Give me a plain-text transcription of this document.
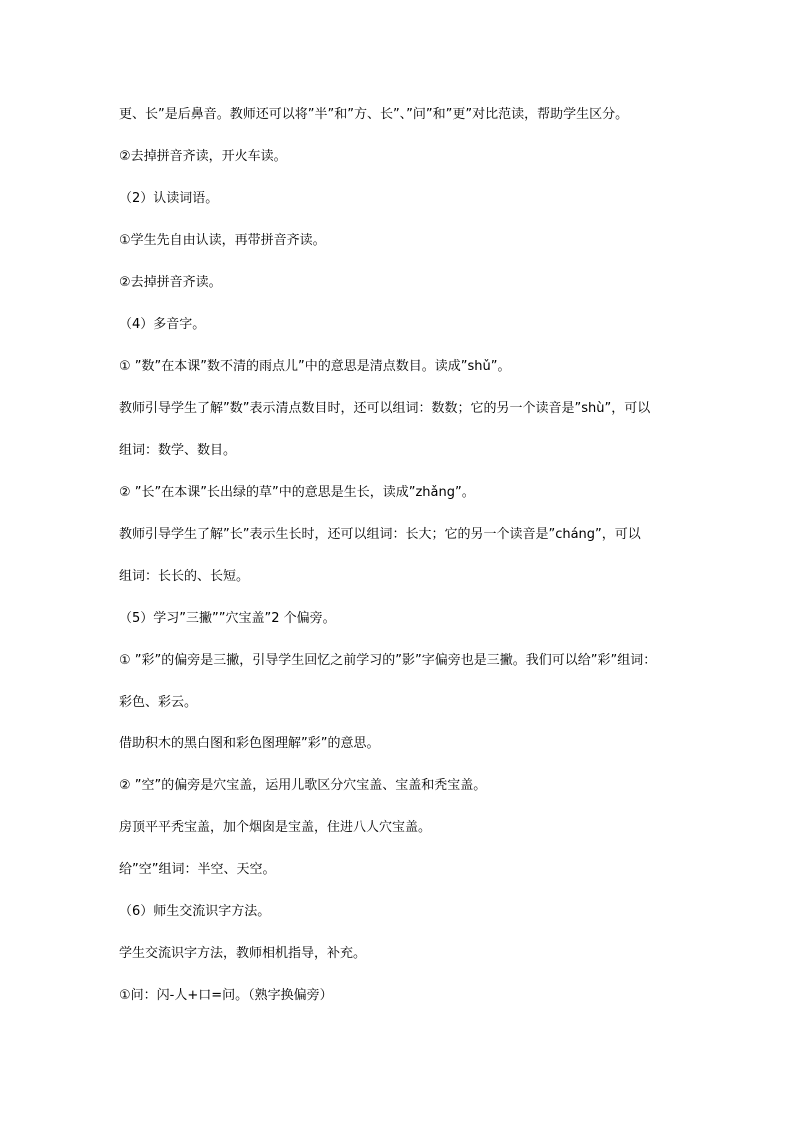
更、长”是后鼻音。教师还可以将”半”和”方、长”、”问”和”更”对比范读，帮助学生区分。
②去掉拼音齐读，开火车读。
（2）认读词语。
①学生先自由认读，再带拼音齐读。
②去掉拼音齐读。
（4）多音字。
① ”数”在本课”数不清的雨点儿”中的意思是清点数目。读成”shǔ”。
教师引导学生了解”数”表示清点数目时，还可以组词：数数；它的另一个读音是”shù”，可以
组词：数学、数目。
② ”长”在本课”长出绿的草”中的意思是生长，读成”zhǎng”。
教师引导学生了解”长”表示生长时，还可以组词：长大；它的另一个读音是”cháng”，可以
组词：长长的、长短。
（5）学习”三撇””穴宝盖”2 个偏旁。
① ”彩”的偏旁是三撇，引导学生回忆之前学习的”影”字偏旁也是三撇。我们可以给”彩”组词：
彩色、彩云。
借助积木的黑白图和彩色图理解”彩”的意思。
② ”空”的偏旁是穴宝盖，运用儿歌区分穴宝盖、宝盖和秃宝盖。
房顶平平秃宝盖，加个烟囱是宝盖，住进八人穴宝盖。
给”空”组词：半空、天空。
（6）师生交流识字方法。
学生交流识字方法，教师相机指导，补充。
①问：闪-人+口=问。（熟字换偏旁）
